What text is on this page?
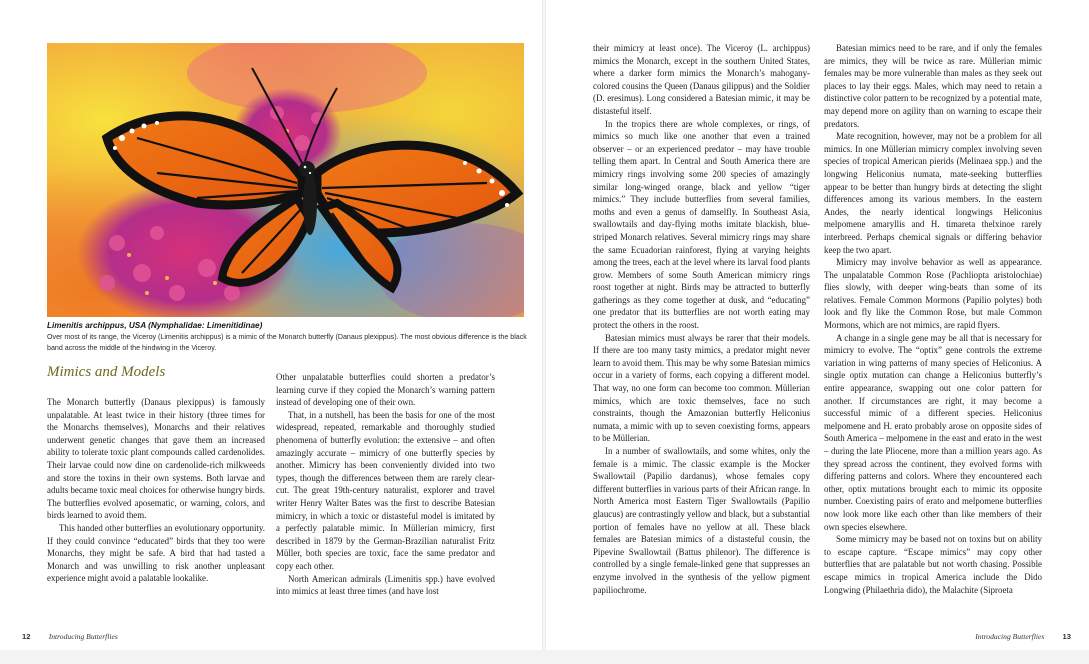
Limenitis archippus, USA (Nymphalidae: Limenitidinae)
Over most of its range, the Viceroy (Limenitis archippus) is a mimic of the Monarch butterfly (Danaus plexippus). The most obvious difference is the black band across the middle of the hindwing in the Viceroy.
Mimics and Models

The Monarch butterfly (Danaus plexippus) is famously unpalatable. At least twice in their history (three times for the Monarchs themselves), Monarchs and their relatives underwent genetic changes that gave them an increased ability to tolerate toxic plant compounds called cardenolides. Their larvae could now dine on cardenolide-rich milkweeds and store the toxins in their own systems. Both larvae and adults became toxic meal choices for otherwise hungry birds. The butterflies evolved aposematic, or warning, colors, and birds learned to avoid them.

This handed other butterflies an evolutionary opportunity. If they could convince “educated” birds that they too were Monarchs, they might be safe. A bird that had tasted a Monarch and was unwilling to risk another unpleasant experience might avoid a palatable lookalike.

Other unpalatable butterflies could shorten a predator’s learning curve if they copied the Monarch’s warning pattern instead of developing one of their own.

That, in a nutshell, has been the basis for one of the most widespread, repeated, remarkable and thoroughly studied phenomena of butterfly evolution: the extensive – and often amazingly accurate – mimicry of one butterfly species by another. Mimicry has been conveniently divided into two types, though the differences between them are rarely clear-cut. The great 19th-century naturalist, explorer and travel writer Henry Walter Bates was the first to describe Batesian mimicry, in which a toxic or distasteful model is imitated by a perfectly palatable mimic. In Müllerian mimicry, first described in 1879 by the German-Brazilian naturalist Fritz Müller, both species are toxic, face the same predator and copy each other.

North American admirals (Limenitis spp.) have evolved into mimics at least three times (and have lost

their mimicry at least once). The Viceroy (L. archippus) mimics the Monarch, except in the southern United States, where a darker form mimics the Monarch’s mahogany-colored cousins the Queen (Danaus gilippus) and the Soldier (D. eresimus). Long considered a Batesian mimic, it may be distasteful itself.

In the tropics there are whole complexes, or rings, of mimics so much like one another that even a trained observer – or an experienced predator – may have trouble telling them apart. In Central and South America there are mimicry rings involving some 200 species of amazingly similar long-winged orange, black and yellow “tiger mimics.” They include butterflies from several families, moths and even a genus of damselfly. In Southeast Asia, swallowtails and day-flying moths imitate blackish, blue-striped Monarch relatives. Several mimicry rings may share the same Ecuadorian rainforest, flying at varying heights among the trees, each at the level where its larval food plants grow. Members of some South American mimicry rings roost together at night. Birds may be attracted to butterfly gatherings as they come together at dusk, and “educating” one predator that its butterflies are not worth eating may protect the others in the roost.

Batesian mimics must always be rarer that their models. If there are too many tasty mimics, a predator might never learn to avoid them. This may be why some Batesian mimics occur in a variety of forms, each copying a different model. That way, no one form can become too common. Müllerian mimics, which are toxic themselves, face no such constraints, though the Amazonian butterfly Heliconius numata, a mimic with up to seven coexisting forms, appears to be Müllerian.

In a number of swallowtails, and some whites, only the female is a mimic. The classic example is the Mocker Swallowtail (Papilio dardanus), whose females copy different butterflies in various parts of their African range. In North America most Eastern Tiger Swallowtails (Papilio glaucus) are contrastingly yellow and black, but a substantial portion of females have no yellow at all. These black females are Batesian mimics of a distasteful cousin, the Pipevine Swallowtail (Battus philenor). The difference is controlled by a single female-linked gene that suppresses an enzyme involved in the synthesis of the yellow pigment papiliochrome.

Batesian mimics need to be rare, and if only the females are mimics, they will be twice as rare. Müllerian mimic females may be more vulnerable than males as they seek out places to lay their eggs. Males, which may need to retain a distinctive color pattern to be recognized by a potential mate, may depend more on agility than on warning to escape their predators.

Mate recognition, however, may not be a problem for all mimics. In one Müllerian mimicry complex involving seven species of tropical American pierids (Melinaea spp.) and the longwing Heliconius numata, mate-seeking butterflies appear to be better than hungry birds at detecting the slight differences among its various members. In the eastern Andes, the nearly identical longwings Heliconius melpomene amaryllis and H. timareta thelxinoe rarely interbreed. Perhaps chemical signals or differing behavior keep the two apart.

Mimicry may involve behavior as well as appearance. The unpalatable Common Rose (Pachliopta aristolochiae) flies slowly, with deeper wing-beats than some of its relatives. Female Common Mormons (Papilio polytes) both look and fly like the Common Rose, but male Common Mormons, which are not mimics, are rapid flyers.

A change in a single gene may be all that is necessary for mimicry to evolve. The “optix” gene controls the extreme variation in wing patterns of many species of Heliconius. A single optix mutation can change a Heliconius butterfly’s entire appearance, swapping out one color pattern for another. If circumstances are right, it may become a successful mimic of a different species. Heliconius melpomene and H. erato probably arose on opposite sides of South America – melpomene in the east and erato in the west – during the late Pliocene, more than a million years ago. As they spread across the continent, they evolved forms with differing patterns and colors. Where they encountered each other, optix mutations brought each to mimic its opposite number. Coexisting pairs of erato and melpomene butterflies now look more like each other than like members of their own species elsewhere.

Some mimicry may be based not on toxins but on ability to escape capture. “Escape mimics” may copy other butterflies that are palatable but not worth chasing. Possible escape mimics in tropical America include the Dido Longwing (Philaethria dido), the Malachite (Siproeta

12 Introducing Butterflies	Introducing Butterflies 13
